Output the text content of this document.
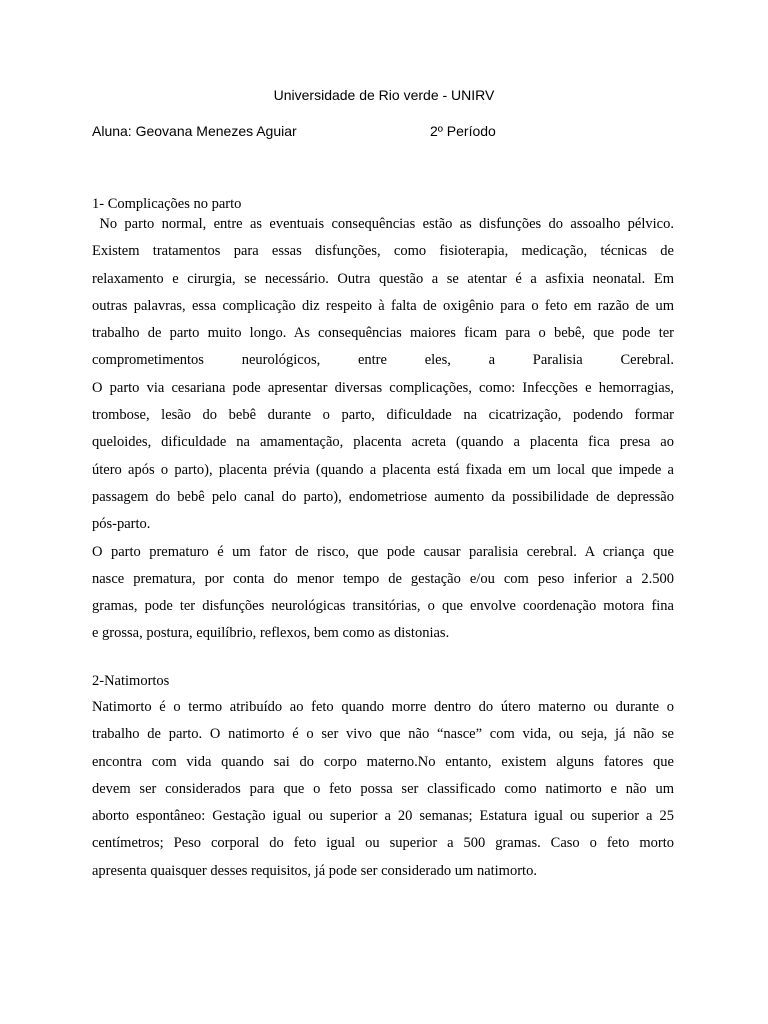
Universidade de Rio verde - UNIRV
Aluna: Geovana Menezes Aguiar	2º Período
1- Complicações no parto
No parto normal, entre as eventuais consequências estão as disfunções do assoalho pélvico.
Existem tratamentos para essas disfunções, como fisioterapia, medicação, técnicas de
relaxamento e cirurgia, se necessário. Outra questão a se atentar é a asfixia neonatal. Em
outras palavras, essa complicação diz respeito à falta de oxigênio para o feto em razão de um
trabalho de parto muito longo. As consequências maiores ficam para o bebê, que pode ter
comprometimentos neurológicos, entre eles, a Paralisia Cerebral.
O parto via cesariana pode apresentar diversas complicações, como: Infecções e hemorragias,
trombose, lesão do bebê durante o parto, dificuldade na cicatrização, podendo formar
queloides, dificuldade na amamentação, placenta acreta (quando a placenta fica presa ao
útero após o parto), placenta prévia (quando a placenta está fixada em um local que impede a
passagem do bebê pelo canal do parto), endometriose aumento da possibilidade de depressão
pós-parto.
O parto prematuro é um fator de risco, que pode causar paralisia cerebral. A criança que
nasce prematura, por conta do menor tempo de gestação e/ou com peso inferior a 2.500
gramas, pode ter disfunções neurológicas transitórias, o que envolve coordenação motora fina
e grossa, postura, equilíbrio, reflexos, bem como as distonias.
2-Natimortos
Natimorto é o termo atribuído ao feto quando morre dentro do útero materno ou durante o
trabalho de parto. O natimorto é o ser vivo que não “nasce” com vida, ou seja, já não se
encontra com vida quando sai do corpo materno.No entanto, existem alguns fatores que
devem ser considerados para que o feto possa ser classificado como natimorto e não um
aborto espontâneo: Gestação igual ou superior a 20 semanas; Estatura igual ou superior a 25
centímetros; Peso corporal do feto igual ou superior a 500 gramas. Caso o feto morto
apresenta quaisquer desses requisitos, já pode ser considerado um natimorto.
